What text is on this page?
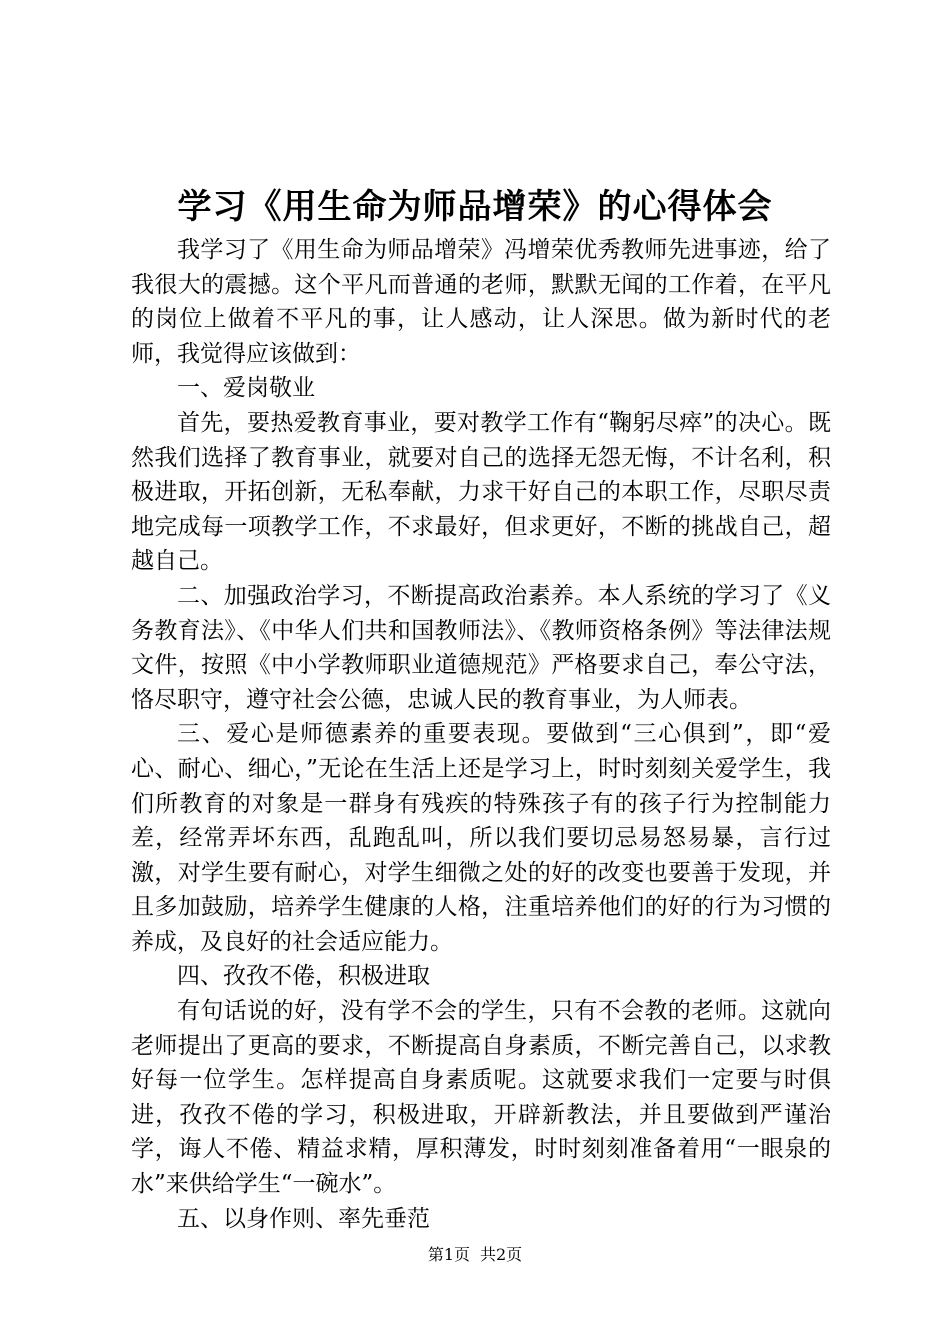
学习《用生命为师品增荣》的心得体会

我学习了《用生命为师品增荣》冯增荣优秀教师先进事迹，给了我很大的震撼。这个平凡而普通的老师，默默无闻的工作着，在平凡的岗位上做着不平凡的事，让人感动，让人深思。做为新时代的老师，我觉得应该做到：

一、爱岗敬业

首先，要热爱教育事业，要对教学工作有“鞠躬尽瘁”的决心。既然我们选择了教育事业，就要对自己的选择无怨无悔，不计名利，积极进取，开拓创新，无私奉献，力求干好自己的本职工作，尽职尽责地完成每一项教学工作，不求最好，但求更好，不断的挑战自己，超越自己。

二、加强政治学习，不断提高政治素养。本人系统的学习了《义务教育法》、《中华人们共和国教师法》、《教师资格条例》等法律法规文件，按照《中小学教师职业道德规范》严格要求自己，奉公守法，恪尽职守，遵守社会公德，忠诚人民的教育事业，为人师表。

三、爱心是师德素养的重要表现。要做到“三心俱到”，即“爱心、耐心、细心，”无论在生活上还是学习上，时时刻刻关爱学生，我们所教育的对象是一群身有残疾的特殊孩子有的孩子行为控制能力差，经常弄坏东西，乱跑乱叫，所以我们要切忌易怒易暴，言行过激，对学生要有耐心，对学生细微之处的好的改变也要善于发现，并且多加鼓励，培养学生健康的人格，注重培养他们的好的行为习惯的养成，及良好的社会适应能力。

四、孜孜不倦，积极进取

有句话说的好，没有学不会的学生，只有不会教的老师。这就向老师提出了更高的要求，不断提高自身素质，不断完善自己，以求教好每一位学生。怎样提高自身素质呢。这就要求我们一定要与时俱进，孜孜不倦的学习，积极进取，开辟新教法，并且要做到严谨治学，诲人不倦、精益求精，厚积薄发，时时刻刻准备着用“一眼泉的水”来供给学生“一碗水”。

五、以身作则、率先垂范

第1页 共2页
